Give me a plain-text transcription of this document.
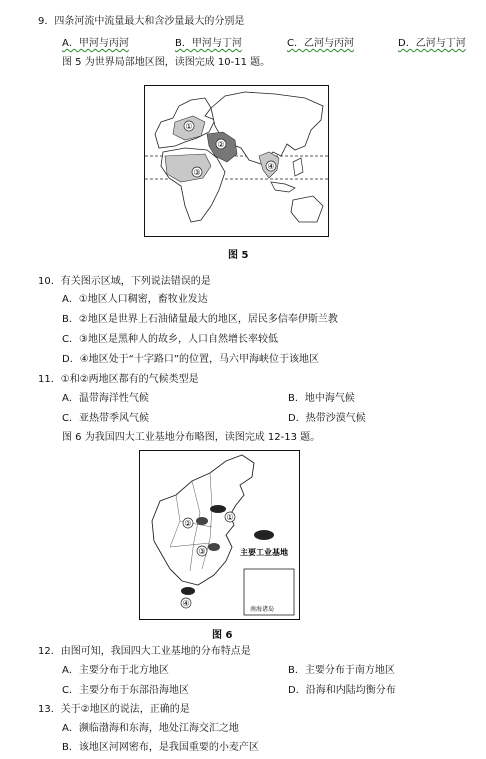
9．四条河流中流量最大和含沙量最大的分别是
A．甲河与丙河	B．甲河与丁河	C．乙河与丙河	D．乙河与丁河
图 5 为世界局部地区图，读图完成 10-11 题。
①
②
③
④
图 5
10．有关图示区域，下列说法错误的是
A．①地区人口稠密，畜牧业发达
B．②地区是世界上石油储量最大的地区，居民多信奉伊斯兰教
C．③地区是黑种人的故乡，人口自然增长率较低
D．④地区处于“十字路口”的位置，马六甲海峡位于该地区
11．①和②两地区都有的气候类型是
A．温带海洋性气候	B．地中海气候
C．亚热带季风气候	D．热带沙漠气候
图 6 为我国四大工业基地分布略图，读图完成 12-13 题。
①
②
③
④
主要工业基地
南海诸岛
图 6
12．由图可知，我国四大工业基地的分布特点是
A．主要分布于北方地区	B．主要分布于南方地区
C．主要分布于东部沿海地区	D．沿海和内陆均衡分布
13．关于②地区的说法，正确的是
A．濒临渤海和东海，地处江海交汇之地
B．该地区河网密布，是我国重要的小麦产区
